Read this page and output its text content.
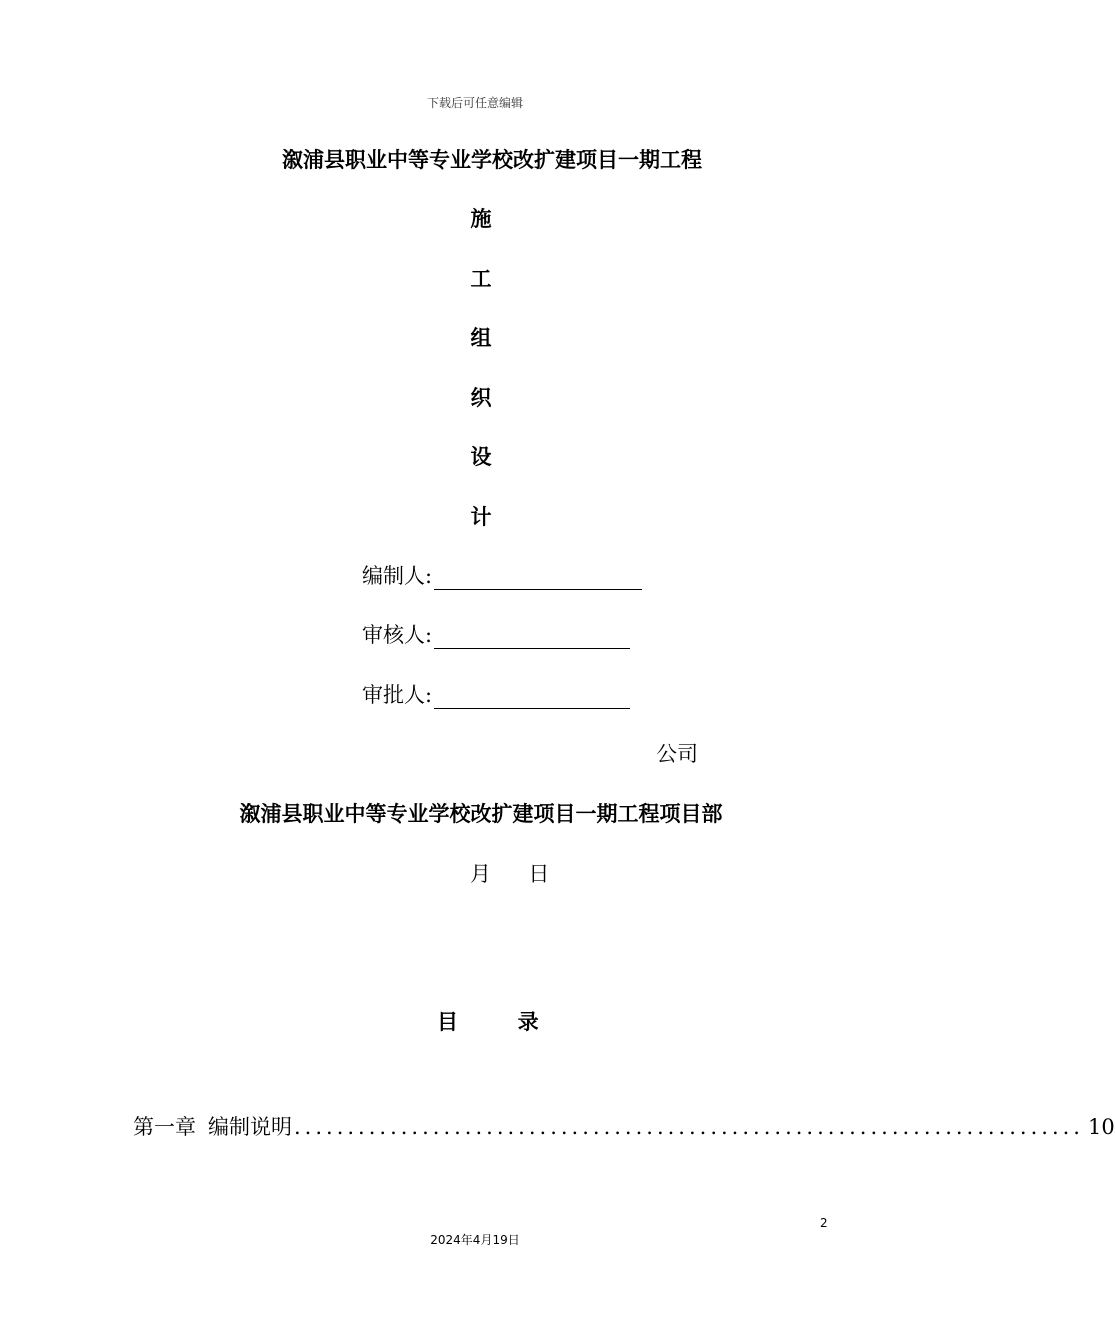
下载后可任意编辑
溆浦县职业中等专业学校改扩建项目一期工程
施
工
组
织
设
计
编制人:
审核人:
审批人:
公司
溆浦县职业中等专业学校改扩建项目一期工程项目部
月 日
目	录
第一章 编制说明 .......................................................................... 10
2
2024年4月19日
